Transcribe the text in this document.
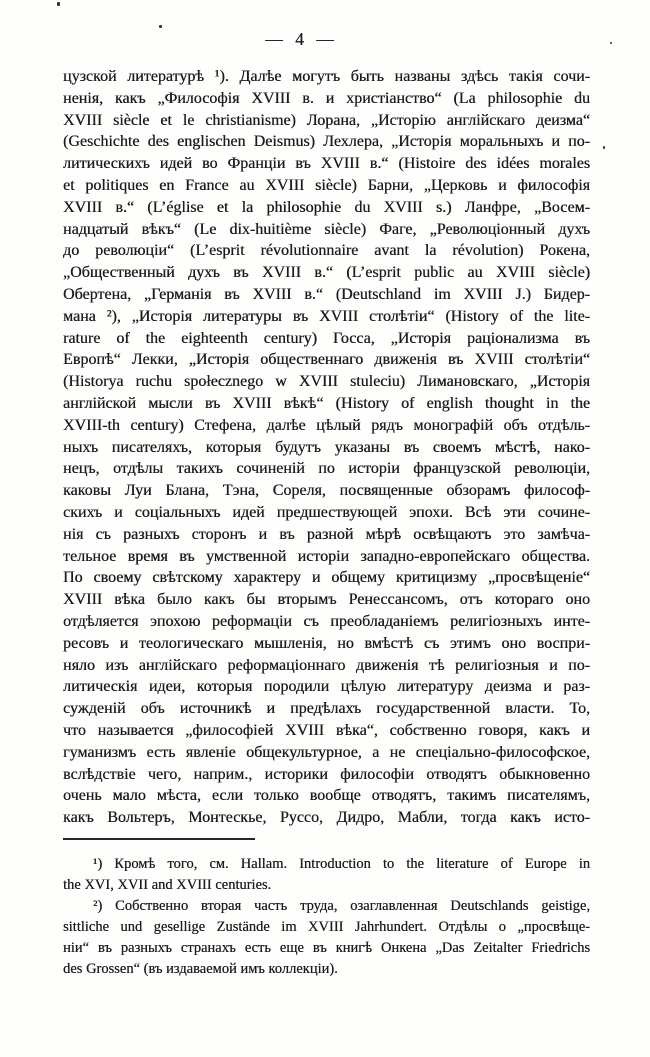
— 4 —
цузской литературѣ ¹). Далѣе могутъ быть названы здѣсь такія сочи-
ненія, какъ „Философія XVIII в. и христіанство“ (La philosophie du
XVIII siècle et le christianisme) Лорана, „Исторію англійскаго деизма“
(Geschichte des englischen Deismus) Лехлера, „Исторія моральныхъ и по-
литическихъ идей во Франціи въ XVIII в.“ (Histoire des idées morales
et politiques en France au XVIII siècle) Барни, „Церковь и философія
XVIII в.“ (L’église et la philosophie du XVIII s.) Ланфре, „Восем-
надцатый вѣкъ“ (Le dix-huitième siècle) Фаге, „Революціонный духъ
до революціи“ (L’esprit révolutionnaire avant la révolution) Рокена,
„Общественный духъ въ XVIII в.“ (L’esprit public au XVIII siècle)
Обертена, „Германія въ XVIII в.“ (Deutschland im XVIII J.) Бидер-
мана ²), „Исторія литературы въ XVIII столѣтіи“ (History of the lite-
rature of the eighteenth century) Госса, „Исторія раціонализма въ
Европѣ“ Лекки, „Исторія общественнаго движенія въ XVIII столѣтіи“
(Historya ruchu społecznego w XVIII stuleciu) Лимановскаго, „Исторія
англійской мысли въ XVIII вѣкѣ“ (History of english thought in the
XVIII-th century) Стефена, далѣе цѣлый рядъ монографій объ отдѣль-
ныхъ писателяхъ, которыя будутъ указаны въ своемъ мѣстѣ, нако-
нецъ, отдѣлы такихъ сочиненій по исторіи французской революціи,
каковы Луи Блана, Тэна, Сореля, посвященные обзорамъ философ-
скихъ и соціальныхъ идей предшествующей эпохи. Всѣ эти сочине-
нія съ разныхъ сторонъ и въ разной мѣрѣ освѣщаютъ это замѣча-
тельное время въ умственной исторіи западно-европейскаго общества.
По своему свѣтскому характеру и общему критицизму „просвѣщеніе“
XVIII вѣка было какъ бы вторымъ Ренессансомъ, отъ котораго оно
отдѣляется эпохою реформаціи съ преобладаніемъ религіозныхъ инте-
ресовъ и теологическаго мышленія, но вмѣстѣ съ этимъ оно воспри-
няло изъ англійскаго реформаціоннаго движенія тѣ религіозныя и по-
литическія идеи, которыя породили цѣлую литературу деизма и раз-
сужденій объ источникѣ и предѣлахъ государственной власти. То,
что называется „философіей XVIII вѣка“, собственно говоря, какъ и
гуманизмъ есть явленіе общекультурное, а не спеціально-философское,
вслѣдствіе чего, наприм., историки философіи отводятъ обыкновенно
очень мало мѣста, если только вообще отводятъ, такимъ писателямъ,
какъ Вольтеръ, Монтескье, Руссо, Дидро, Мабли, тогда какъ исто-
¹) Кромѣ того, см. Hallam. Introduction to the literature of Europe in
the XVI, XVII and XVIII centuries.
²) Собственно вторая часть труда, озаглавленная Deutschlands geistige,
sittliche und gesellige Zustände im XVIII Jahrhundert. Отдѣлы о „просвѣще-
ніи“ въ разныхъ странахъ есть еще въ книгѣ Онкена „Das Zeitalter Friedrichs
des Grossen“ (въ издаваемой имъ коллекціи).
